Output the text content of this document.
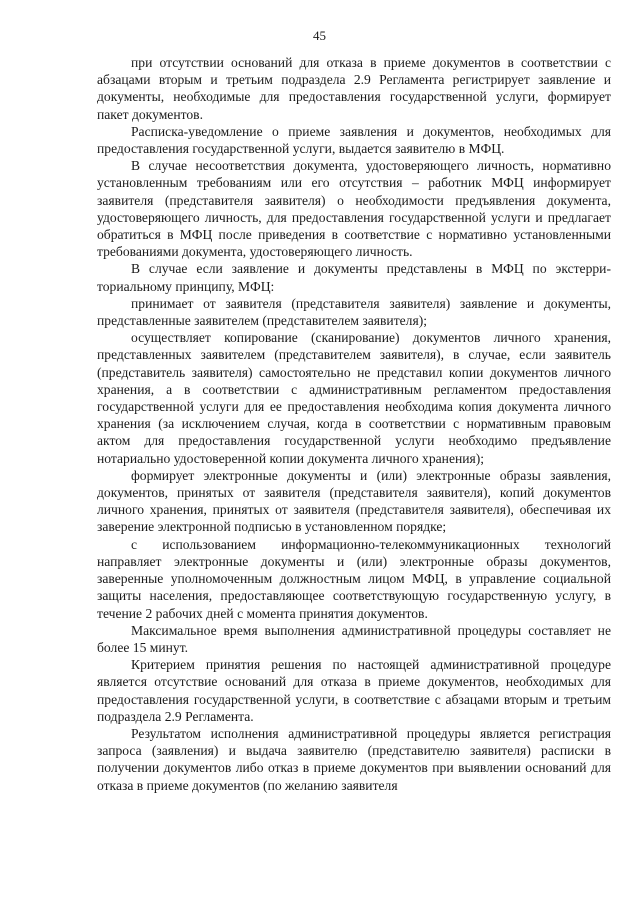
45

при отсутствии оснований для отказа в приеме документов в соответствии с абзацами вторым и третьим подраздела 2.9 Регламента регистрирует заявление и документы, необходимые для предоставления государственной услуги, формирует пакет документов.

Расписка-уведомление о приеме заявления и документов, необходимых для предоставления государственной услуги, выдается заявителю в МФЦ.

В случае несоответствия документа, удостоверяющего личность, нормативно установленным требованиям или его отсутствия – работник МФЦ информирует заявителя (представителя заявителя) о необходимости предъявления документа, удостоверяющего личность, для предоставления государственной услуги и предлагает обратиться в МФЦ после приведения в соответствие с нормативно установленными требованиями документа, удостоверяющего личность.

В случае если заявление и документы представлены в МФЦ по экстерриториальному принципу, МФЦ:

принимает от заявителя (представителя заявителя) заявление и документы, представленные заявителем (представителем заявителя);

осуществляет копирование (сканирование) документов личного хранения, представленных заявителем (представителем заявителя), в случае, если заявитель (представитель заявителя) самостоятельно не представил копии документов личного хранения, а в соответствии с административным регламентом предоставления государственной услуги для ее предоставления необходима копия документа личного хранения (за исключением случая, когда в соответствии с нормативным правовым актом для предоставления государственной услуги необходимо предъявление нотариально удостоверенной копии документа личного хранения);

формирует электронные документы и (или) электронные образы заявления, документов, принятых от заявителя (представителя заявителя), копий документов личного хранения, принятых от заявителя (представителя заявителя), обеспечивая их заверение электронной подписью в установленном порядке;

с использованием информационно-телекоммуникационных технологий направляет электронные документы и (или) электронные образы документов, заверенные уполномоченным должностным лицом МФЦ, в управление социальной защиты населения, предоставляющее соответствующую государственную услугу, в течение 2 рабочих дней с момента принятия документов.

Максимальное время выполнения административной процедуры составляет не более 15 минут.

Критерием принятия решения по настоящей административной процедуре является отсутствие оснований для отказа в приеме документов, необходимых для предоставления государственной услуги, в соответствие с абзацами вторым и третьим подраздела 2.9 Регламента.

Результатом исполнения административной процедуры является регистрация запроса (заявления) и выдача заявителю (представителю заявителя) расписки в получении документов либо отказ в приеме документов при выявлении оснований для отказа в приеме документов (по желанию заявителя
